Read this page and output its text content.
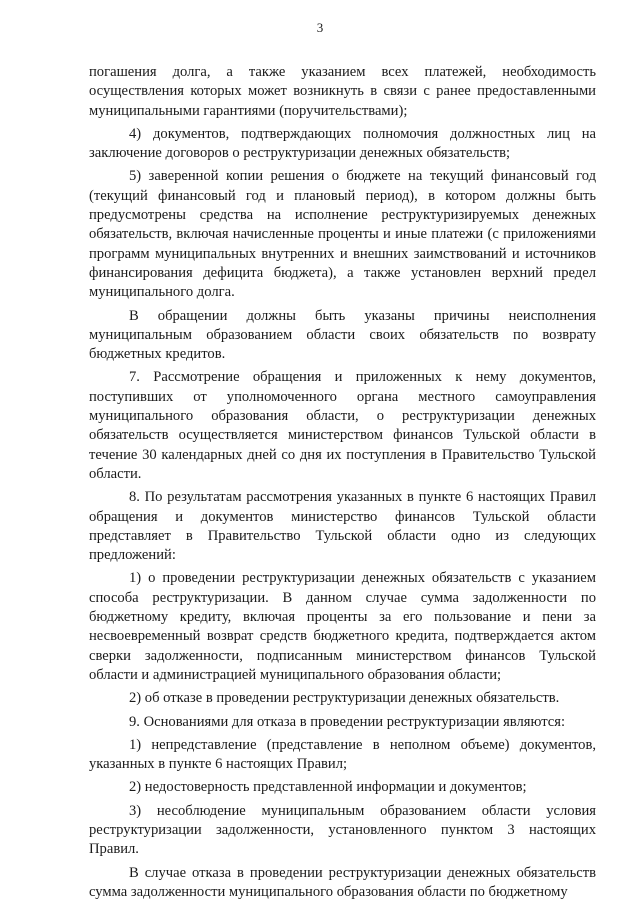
3

погашения долга, а также указанием всех платежей, необходимость осуществления которых может возникнуть в связи с ранее предоставленными муниципальными гарантиями (поручительствами);

4) документов, подтверждающих полномочия должностных лиц на заключение договоров о реструктуризации денежных обязательств;

5) заверенной копии решения о бюджете на текущий финансовый год (текущий финансовый год и плановый период), в котором должны быть предусмотрены средства на исполнение реструктуризируемых денежных обязательств, включая начисленные проценты и иные платежи (с приложениями программ муниципальных внутренних и внешних заимствований и источников финансирования дефицита бюджета), а также установлен верхний предел муниципального долга.

В обращении должны быть указаны причины неисполнения муниципальным образованием области своих обязательств по возврату бюджетных кредитов.

7. Рассмотрение обращения и приложенных к нему документов, поступивших от уполномоченного органа местного самоуправления муниципального образования области, о реструктуризации денежных обязательств осуществляется министерством финансов Тульской области в течение 30 календарных дней со дня их поступления в Правительство Тульской области.

8. По результатам рассмотрения указанных в пункте 6 настоящих Правил обращения и документов министерство финансов Тульской области представляет в Правительство Тульской области одно из следующих предложений:

1) о проведении реструктуризации денежных обязательств с указанием способа реструктуризации. В данном случае сумма задолженности по бюджетному кредиту, включая проценты за его пользование и пени за несвоевременный возврат средств бюджетного кредита, подтверждается актом сверки задолженности, подписанным министерством финансов Тульской области и администрацией муниципального образования области;

2) об отказе в проведении реструктуризации денежных обязательств.

9. Основаниями для отказа в проведении реструктуризации являются:

1) непредставление (представление в неполном объеме) документов, указанных в пункте 6 настоящих Правил;

2) недостоверность представленной информации и документов;

3) несоблюдение муниципальным образованием области условия реструктуризации задолженности, установленного пунктом 3 настоящих Правил.

В случае отказа в проведении реструктуризации денежных обязательств сумма задолженности муниципального образования области по бюджетному
